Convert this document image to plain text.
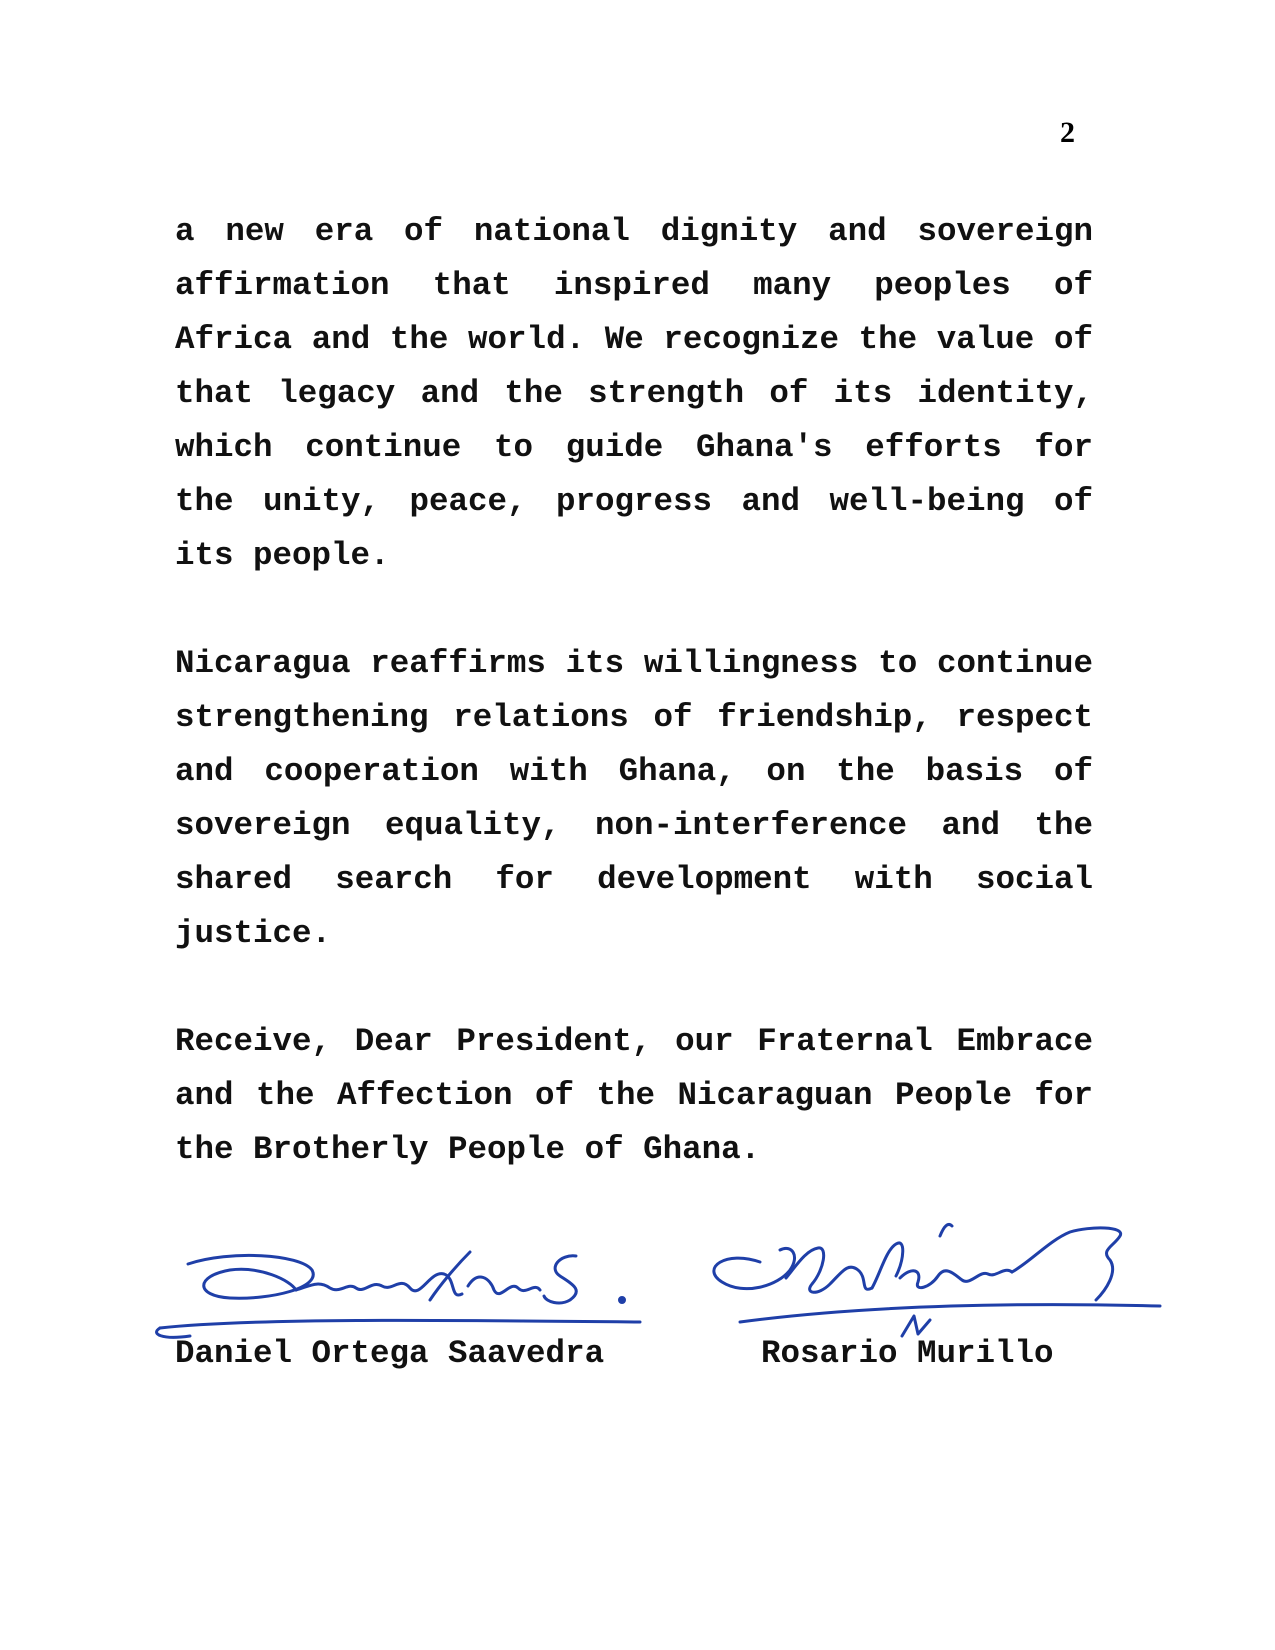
2
a new era of national dignity and sovereign
affirmation that inspired many peoples of
Africa and the world. We recognize the value of
that legacy and the strength of its identity,
which continue to guide Ghana's efforts for
the unity, peace, progress and well-being of
its people.
Nicaragua reaffirms its willingness to continue
strengthening relations of friendship, respect
and cooperation with Ghana, on the basis of
sovereign equality, non-interference and the
shared search for development with social
justice.
Receive, Dear President, our Fraternal Embrace
and the Affection of the Nicaraguan People for
the Brotherly People of Ghana.
Daniel Ortega Saavedra	Rosario Murillo
